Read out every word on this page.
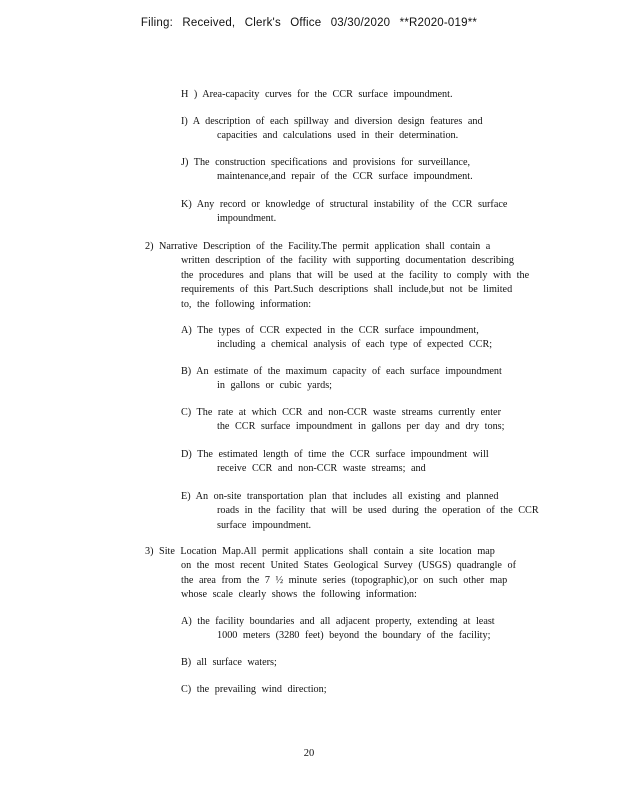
Filing: Received, Clerk's Office 03/30/2020 **R2020-019**
H ) Area-capacity curves for the CCR surface impoundment.
I) A description of each spillway and diversion design features and
capacities and calculations used in their determination.
J) The construction specifications and provisions for surveillance,
maintenance,and repair of the CCR surface impoundment.
K) Any record or knowledge of structural instability of the CCR surface
impoundment.
2) Narrative Description of the Facility.The permit application shall contain a
written description of the facility with supporting documentation describing
the procedures and plans that will be used at the facility to comply with the
requirements of this Part.Such descriptions shall include,but not be limited
to, the following information:
A) The types of CCR expected in the CCR surface impoundment,
including a chemical analysis of each type of expected CCR;
B) An estimate of the maximum capacity of each surface impoundment
in gallons or cubic yards;
C) The rate at which CCR and non-CCR waste streams currently enter
the CCR surface impoundment in gallons per day and dry tons;
D) The estimated length of time the CCR surface impoundment will
receive CCR and non-CCR waste streams; and
E) An on-site transportation plan that includes all existing and planned
roads in the facility that will be used during the operation of the CCR
surface impoundment.
3) Site Location Map.All permit applications shall contain a site location map
on the most recent United States Geological Survey (USGS) quadrangle of
the area from the 7 ½ minute series (topographic),or on such other map
whose scale clearly shows the following information:
A) the facility boundaries and all adjacent property, extending at least
1000 meters (3280 feet) beyond the boundary of the facility;
B) all surface waters;
C) the prevailing wind direction;
20
